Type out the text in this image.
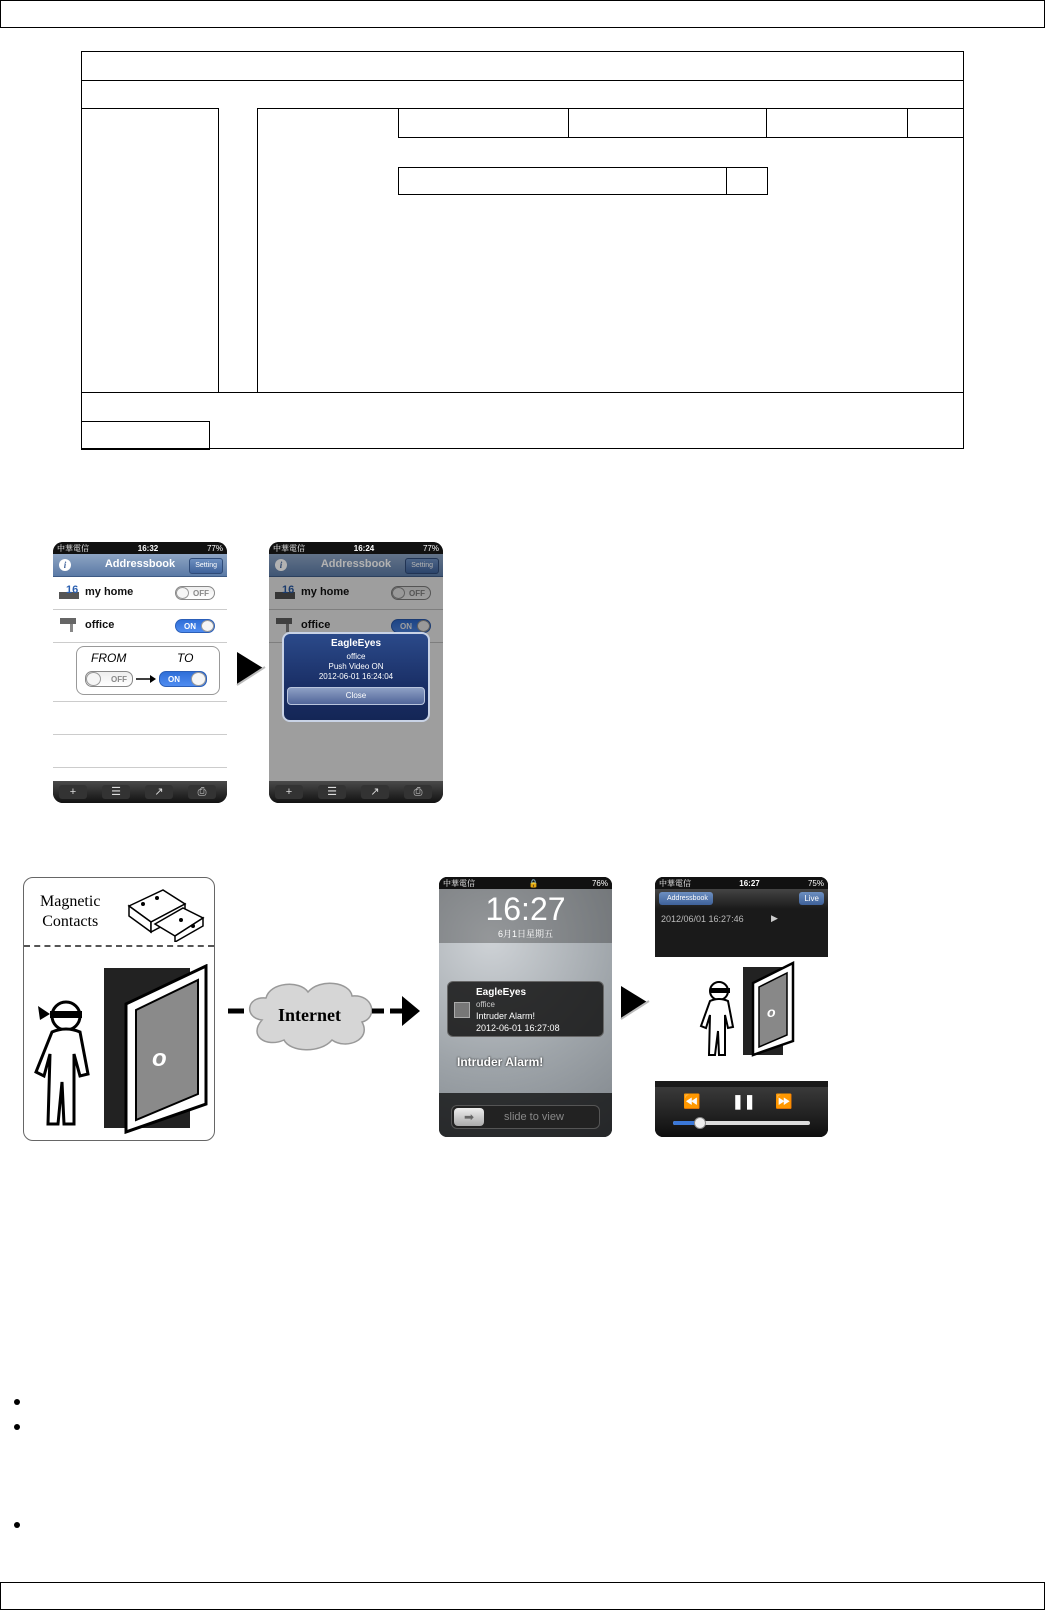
中華電信	16:32	77%
i	Addressbook	Setting
16 my home	OFF
office	ON
+	☰	↗	⎙
FROM	TO
OFF	ON
中華電信	16:24	77%
i	Addressbook	Setting
16 my home	OFF
office	ON
EagleEyes
office
Push Video ON
2012-06-01 16:24:04
Close
+	☰	↗	⎙
Magnetic
Contacts
o
Internet
中華電信	🔒	76%
16:27
6月1日星期五
EagleEyes
office
Intruder Alarm!
2012-06-01 16:27:08
Intruder Alarm!
➡	slide to view
中華電信	16:27	75%
Addressbook	Live
2012/06/01 16:27:46	▶
o
⏪ ❚❚ ⏩
